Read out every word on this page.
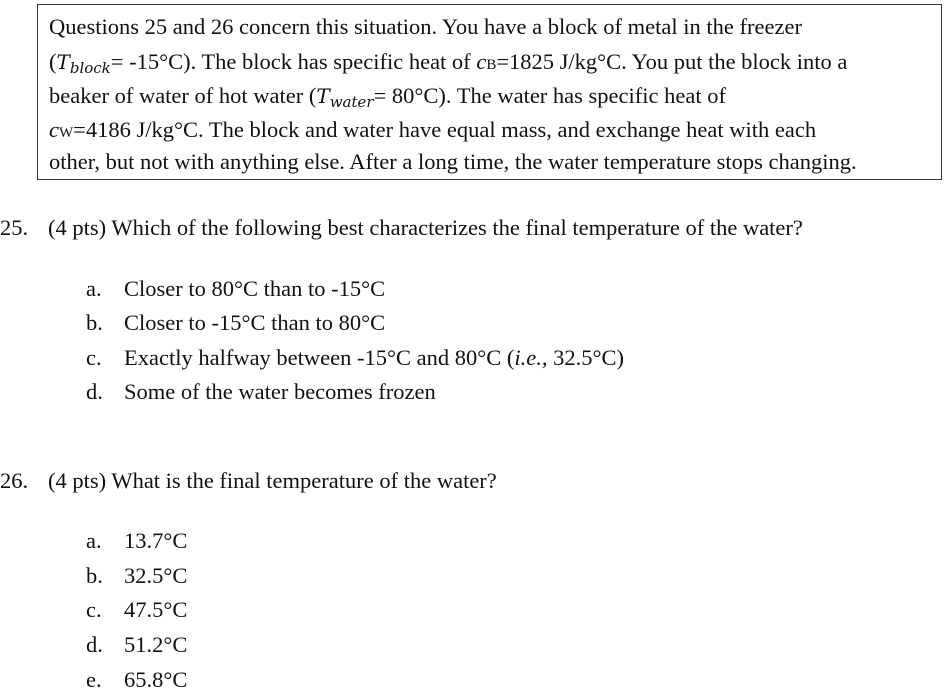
Questions 25 and 26 concern this situation. You have a block of metal in the freezer
(Tblock= -15°C). The block has specific heat of cB=1825 J/kg°C. You put the block into a
beaker of water of hot water (Twater= 80°C). The water has specific heat of
cW=4186 J/kg°C. The block and water have equal mass, and exchange heat with each
other, but not with anything else. After a long time, the water temperature stops changing.
25. (4 pts) Which of the following best characterizes the final temperature of the water?
a. Closer to 80°C than to -15°C
b. Closer to -15°C than to 80°C
c. Exactly halfway between -15°C and 80°C (i.e., 32.5°C)
d. Some of the water becomes frozen
26. (4 pts) What is the final temperature of the water?
a. 13.7°C
b. 32.5°C
c. 47.5°C
d. 51.2°C
e. 65.8°C
